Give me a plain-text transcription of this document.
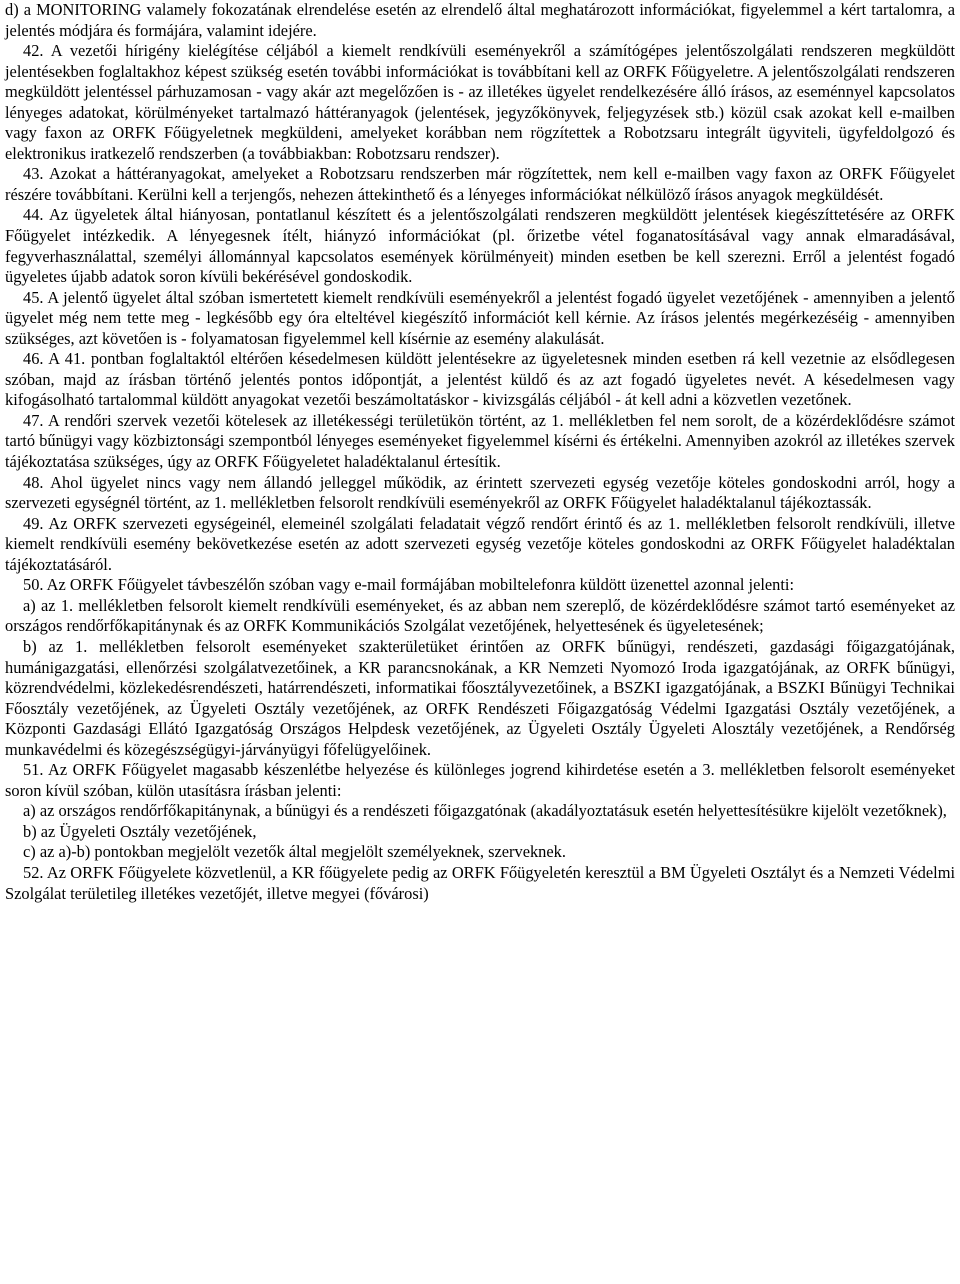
d) a MONITORING valamely fokozatának elrendelése esetén az elrendelő által meghatározott információkat, figyelemmel a kért tartalomra, a jelentés módjára és formájára, valamint idejére.

42. A vezetői hírigény kielégítése céljából a kiemelt rendkívüli eseményekről a számítógépes jelentőszolgálati rendszeren megküldött jelentésekben foglaltakhoz képest szükség esetén további információkat is továbbítani kell az ORFK Főügyeletre. A jelentőszolgálati rendszeren megküldött jelentéssel párhuzamosan - vagy akár azt megelőzően is - az illetékes ügyelet rendelkezésére álló írásos, az eseménnyel kapcsolatos lényeges adatokat, körülményeket tartalmazó háttéranyagok (jelentések, jegyzőkönyvek, feljegyzések stb.) közül csak azokat kell e-mailben vagy faxon az ORFK Főügyeletnek megküldeni, amelyeket korábban nem rögzítettek a Robotzsaru integrált ügyviteli, ügyfeldolgozó és elektronikus iratkezelő rendszerben (a továbbiakban: Robotzsaru rendszer).

43. Azokat a háttéranyagokat, amelyeket a Robotzsaru rendszerben már rögzítettek, nem kell e-mailben vagy faxon az ORFK Főügyelet részére továbbítani. Kerülni kell a terjengős, nehezen áttekinthető és a lényeges információkat nélkülöző írásos anyagok megküldését.

44. Az ügyeletek által hiányosan, pontatlanul készített és a jelentőszolgálati rendszeren megküldött jelentések kiegészíttetésére az ORFK Főügyelet intézkedik. A lényegesnek ítélt, hiányzó információkat (pl. őrizetbe vétel foganatosításával vagy annak elmaradásával, fegyverhasználattal, személyi állománnyal kapcsolatos események körülményeit) minden esetben be kell szerezni. Erről a jelentést fogadó ügyeletes újabb adatok soron kívüli bekérésével gondoskodik.

45. A jelentő ügyelet által szóban ismertetett kiemelt rendkívüli eseményekről a jelentést fogadó ügyelet vezetőjének - amennyiben a jelentő ügyelet még nem tette meg - legkésőbb egy óra elteltével kiegészítő információt kell kérnie. Az írásos jelentés megérkezéséig - amennyiben szükséges, azt követően is - folyamatosan figyelemmel kell kísérnie az esemény alakulását.

46. A 41. pontban foglaltaktól eltérően késedelmesen küldött jelentésekre az ügyeletesnek minden esetben rá kell vezetnie az elsődlegesen szóban, majd az írásban történő jelentés pontos időpontját, a jelentést küldő és az azt fogadó ügyeletes nevét. A késedelmesen vagy kifogásolható tartalommal küldött anyagokat vezetői beszámoltatáskor - kivizsgálás céljából - át kell adni a közvetlen vezetőnek.

47. A rendőri szervek vezetői kötelesek az illetékességi területükön történt, az 1. mellékletben fel nem sorolt, de a közérdeklődésre számot tartó bűnügyi vagy közbiztonsági szempontból lényeges eseményeket figyelemmel kísérni és értékelni. Amennyiben azokról az illetékes szervek tájékoztatása szükséges, úgy az ORFK Főügyeletet haladéktalanul értesítik.

48. Ahol ügyelet nincs vagy nem állandó jelleggel működik, az érintett szervezeti egység vezetője köteles gondoskodni arról, hogy a szervezeti egységnél történt, az 1. mellékletben felsorolt rendkívüli eseményekről az ORFK Főügyelet haladéktalanul tájékoztassák.

49. Az ORFK szervezeti egységeinél, elemeinél szolgálati feladatait végző rendőrt érintő és az 1. mellékletben felsorolt rendkívüli, illetve kiemelt rendkívüli esemény bekövetkezése esetén az adott szervezeti egység vezetője köteles gondoskodni az ORFK Főügyelet haladéktalan tájékoztatásáról.

50. Az ORFK Főügyelet távbeszélőn szóban vagy e-mail formájában mobiltelefonra küldött üzenettel azonnal jelenti:

a) az 1. mellékletben felsorolt kiemelt rendkívüli eseményeket, és az abban nem szereplő, de közérdeklődésre számot tartó eseményeket az országos rendőrfőkapitánynak és az ORFK Kommunikációs Szolgálat vezetőjének, helyettesének és ügyeletesének;

b) az 1. mellékletben felsorolt eseményeket szakterületüket érintően az ORFK bűnügyi, rendészeti, gazdasági főigazgatójának, humánigazgatási, ellenőrzési szolgálatvezetőinek, a KR parancsnokának, a KR Nemzeti Nyomozó Iroda igazgatójának, az ORFK bűnügyi, közrendvédelmi, közlekedésrendészeti, határrendészeti, informatikai főosztályvezetőinek, a BSZKI igazgatójának, a BSZKI Bűnügyi Technikai Főosztály vezetőjének, az Ügyeleti Osztály vezetőjének, az ORFK Rendészeti Főigazgatóság Védelmi Igazgatási Osztály vezetőjének, a Központi Gazdasági Ellátó Igazgatóság Országos Helpdesk vezetőjének, az Ügyeleti Osztály Ügyeleti Alosztály vezetőjének, a Rendőrség munkavédelmi és közegészségügyi-járványügyi főfelügyelőinek.

51. Az ORFK Főügyelet magasabb készenlétbe helyezése és különleges jogrend kihirdetése esetén a 3. mellékletben felsorolt eseményeket soron kívül szóban, külön utasításra írásban jelenti:

a) az országos rendőrfőkapitánynak, a bűnügyi és a rendészeti főigazgatónak (akadályoztatásuk esetén helyettesítésükre kijelölt vezetőknek),

b) az Ügyeleti Osztály vezetőjének,

c) az a)-b) pontokban megjelölt vezetők által megjelölt személyeknek, szerveknek.

52. Az ORFK Főügyelete közvetlenül, a KR főügyelete pedig az ORFK Főügyeletén keresztül a BM Ügyeleti Osztályt és a Nemzeti Védelmi Szolgálat területileg illetékes vezetőjét, illetve megyei (fővárosi)
